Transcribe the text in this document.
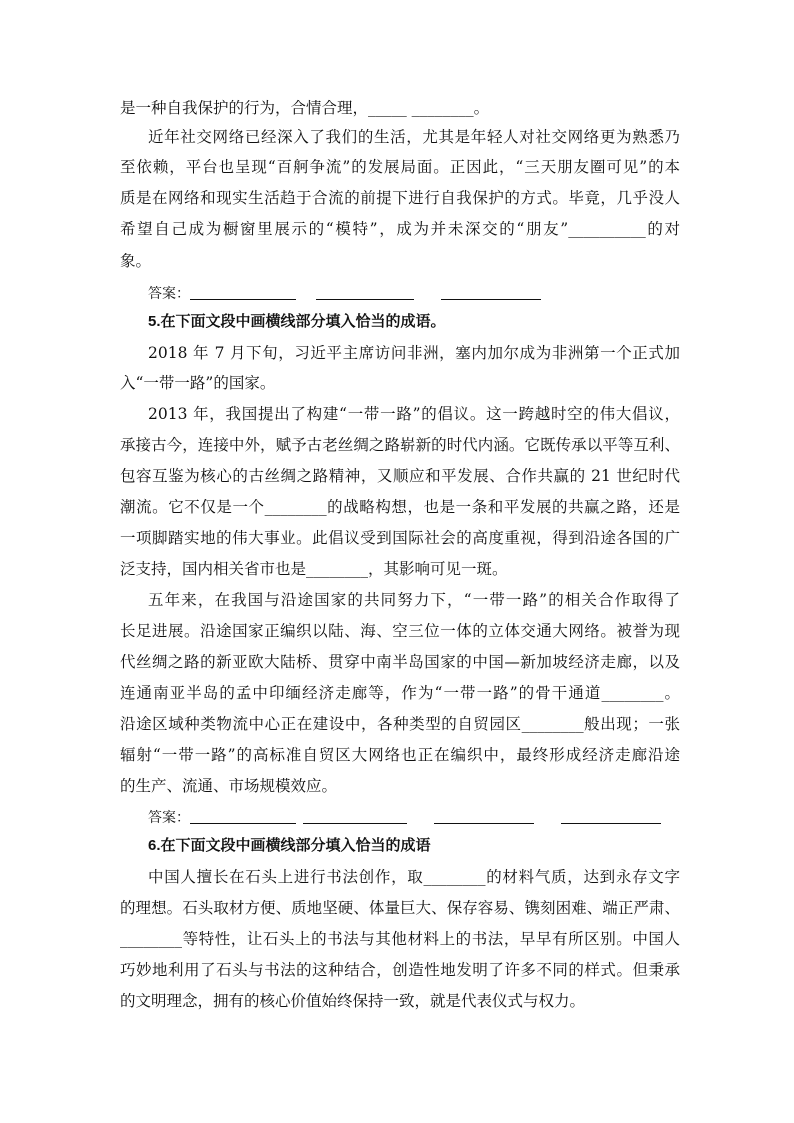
是一种自我保护的行为，合情合理，_____ ________。
近年社交网络已经深入了我们的生活，尤其是年轻人对社交网络更为熟悉乃
至依赖，平台也呈现“百舸争流”的发展局面。正因此，“三天朋友圈可见”的本
质是在网络和现实生活趋于合流的前提下进行自我保护的方式。毕竟，几乎没人
希望自己成为橱窗里展示的“模特”，成为并未深交的“朋友”__________的对
象。
答案：
5.在下面文段中画横线部分填入恰当的成语。
2018 年 7 月下旬，习近平主席访问非洲，塞内加尔成为非洲第一个正式加
入“一带一路”的国家。
2013 年，我国提出了构建“一带一路”的倡议。这一跨越时空的伟大倡议，
承接古今，连接中外，赋予古老丝绸之路崭新的时代内涵。它既传承以平等互利、
包容互鉴为核心的古丝绸之路精神，又顺应和平发展、合作共赢的 21 世纪时代
潮流。它不仅是一个________的战略构想，也是一条和平发展的共赢之路，还是
一项脚踏实地的伟大事业。此倡议受到国际社会的高度重视，得到沿途各国的广
泛支持，国内相关省市也是________，其影响可见一斑。
五年来，在我国与沿途国家的共同努力下，“一带一路”的相关合作取得了
长足进展。沿途国家正编织以陆、海、空三位一体的立体交通大网络。被誉为现
代丝绸之路的新亚欧大陆桥、贯穿中南半岛国家的中国—新加坡经济走廊，以及
连通南亚半岛的孟中印缅经济走廊等，作为“一带一路”的骨干通道________。
沿途区域种类物流中心正在建设中，各种类型的自贸园区________般出现；一张
辐射“一带一路”的高标准自贸区大网络也正在编织中，最终形成经济走廊沿途
的生产、流通、市场规模效应。
答案：
6.在下面文段中画横线部分填入恰当的成语
中国人擅长在石头上进行书法创作，取________的材料气质，达到永存文字
的理想。石头取材方便、质地坚硬、体量巨大、保存容易、镌刻困难、端正严肃、
________等特性，让石头上的书法与其他材料上的书法，早早有所区别。中国人
巧妙地利用了石头与书法的这种结合，创造性地发明了许多不同的样式。但秉承
的文明理念，拥有的核心价值始终保持一致，就是代表仪式与权力。
